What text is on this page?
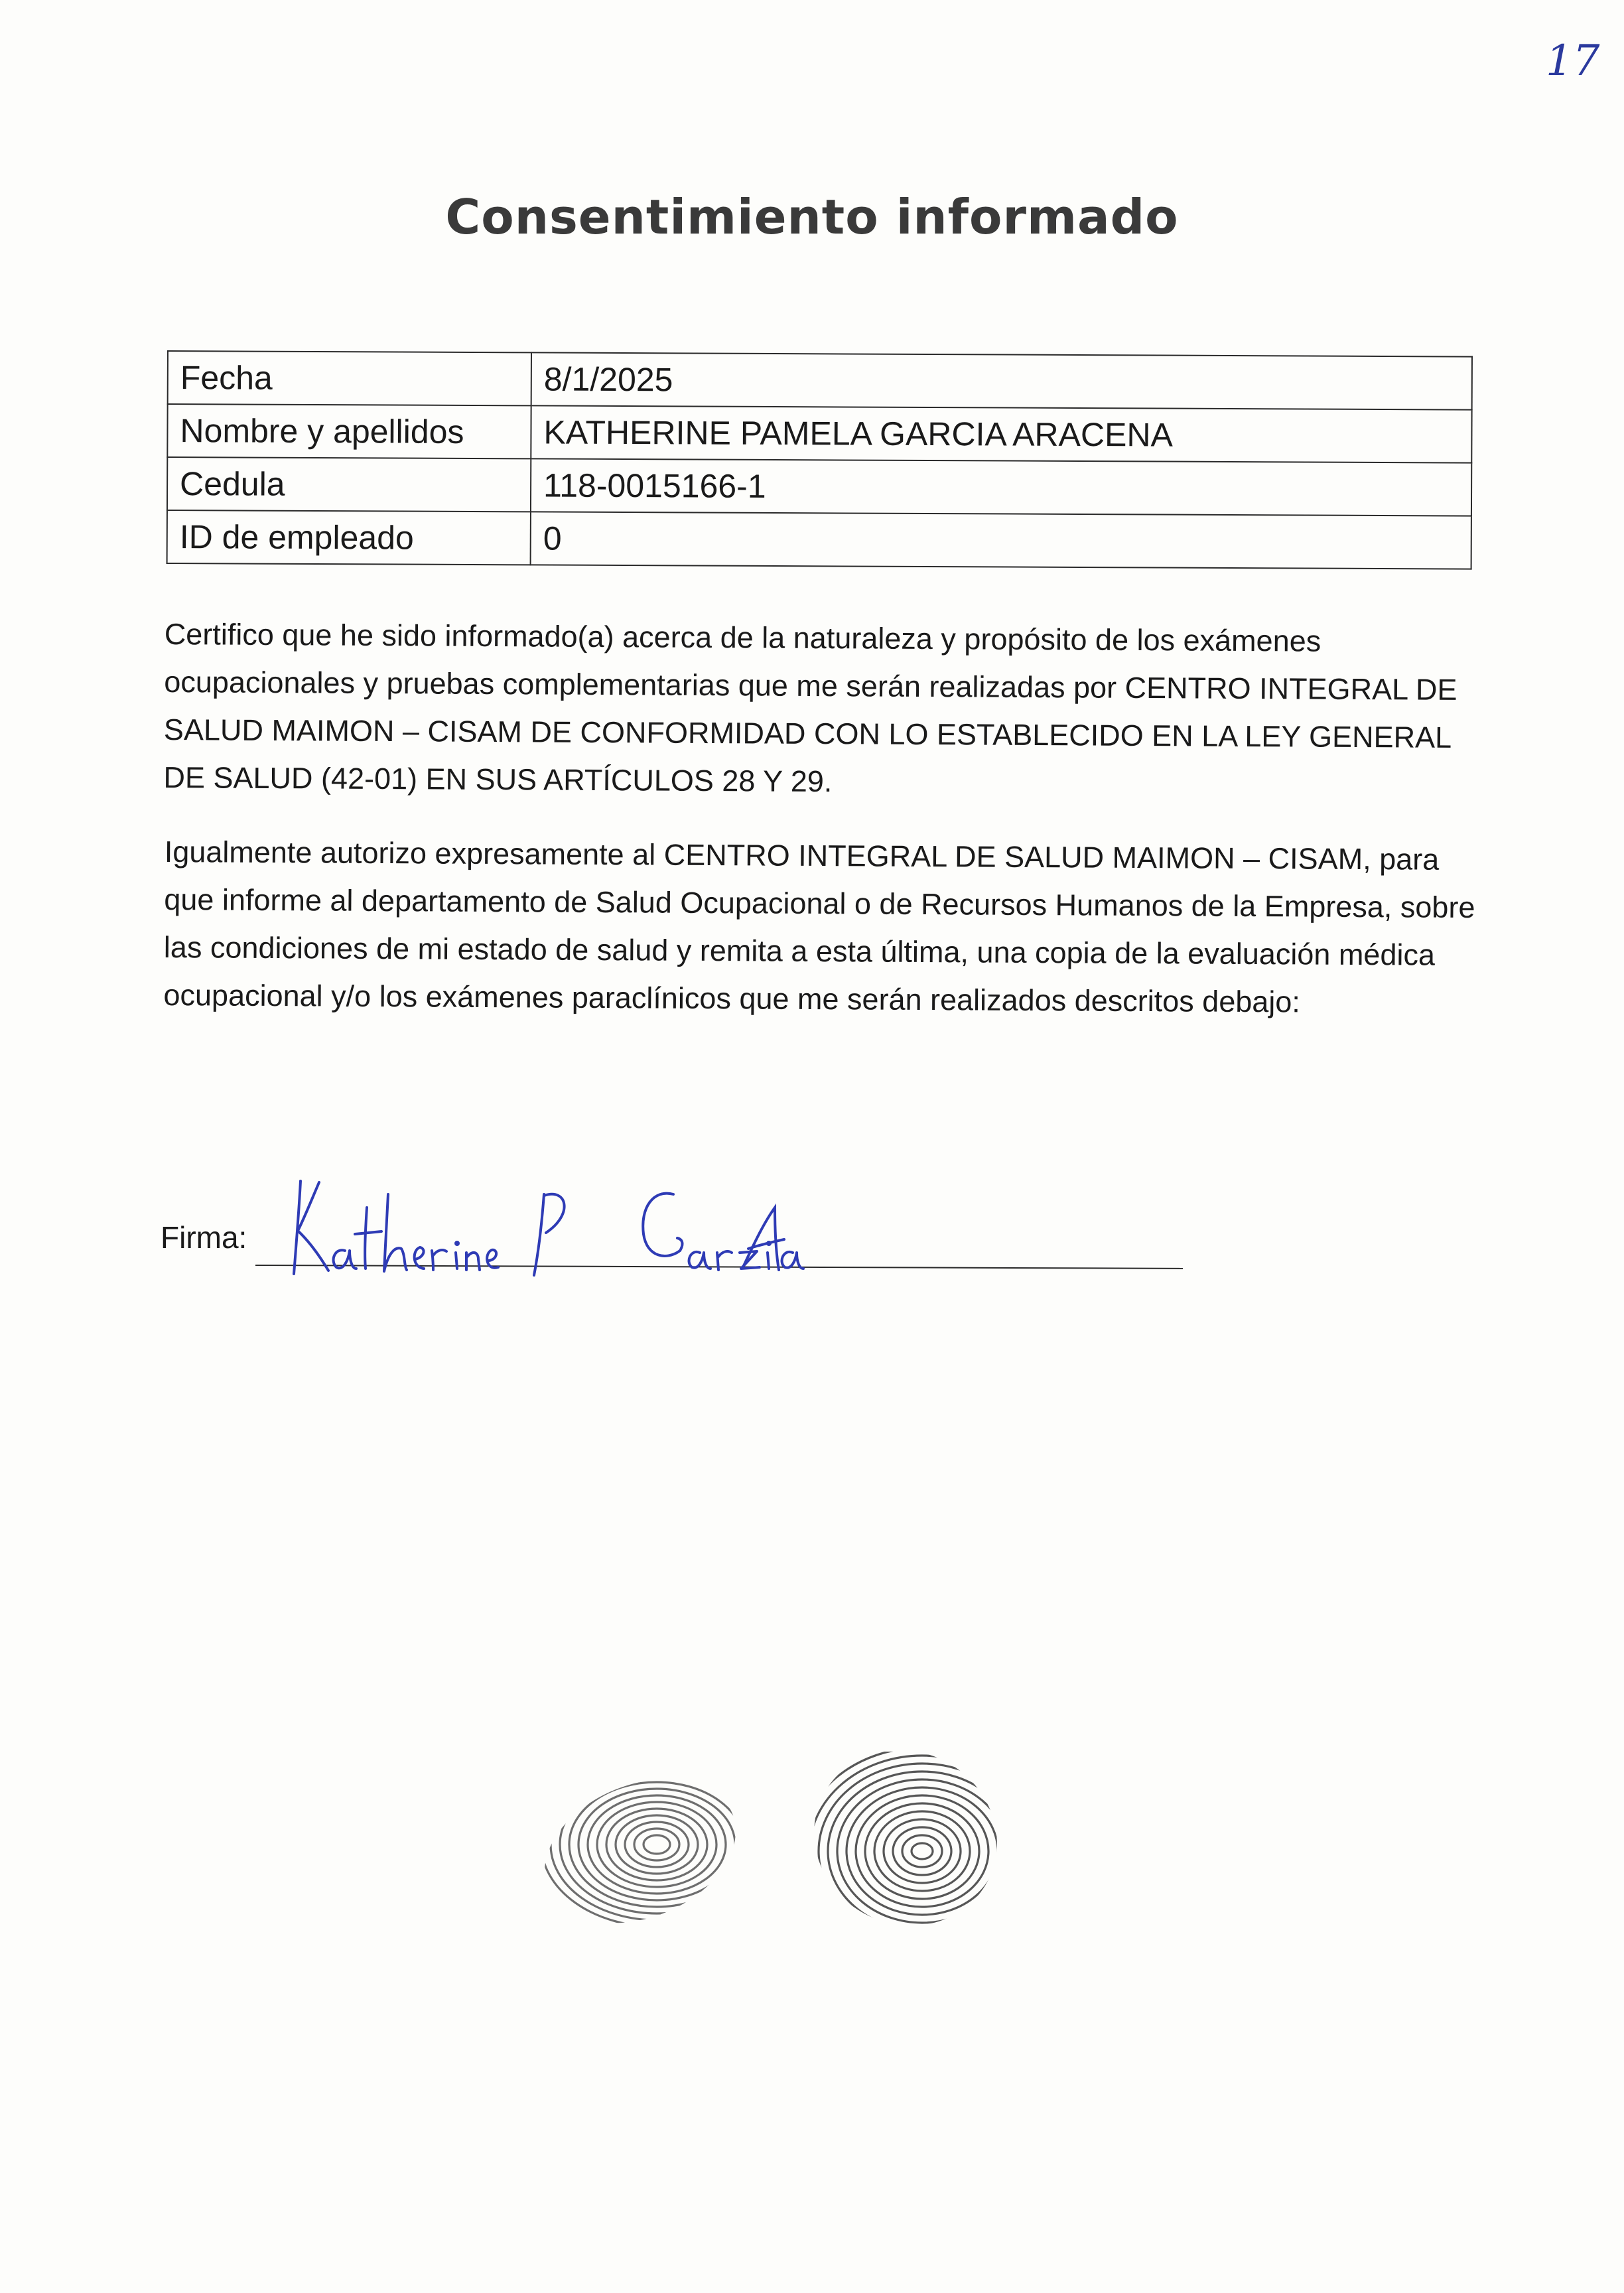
17
Consentimiento informado
Fecha	8/1/2025
Nombre y apellidos	KATHERINE PAMELA GARCIA ARACENA
Cedula	118-0015166-1
ID de empleado	0
Certifico que he sido informado(a) acerca de la naturaleza y propósito de los exámenes ocupacionales y pruebas complementarias que me serán realizadas por CENTRO INTEGRAL DE SALUD MAIMON – CISAM DE CONFORMIDAD CON LO ESTABLECIDO EN LA LEY GENERAL DE SALUD (42-01) EN SUS ARTÍCULOS 28 Y 29.
Igualmente autorizo expresamente al CENTRO INTEGRAL DE SALUD MAIMON – CISAM, para que informe al departamento de Salud Ocupacional o de Recursos Humanos de la Empresa, sobre las condiciones de mi estado de salud y remita a esta última, una copia de la evaluación médica ocupacional y/o los exámenes paraclínicos que me serán realizados descritos debajo:
Firma:
